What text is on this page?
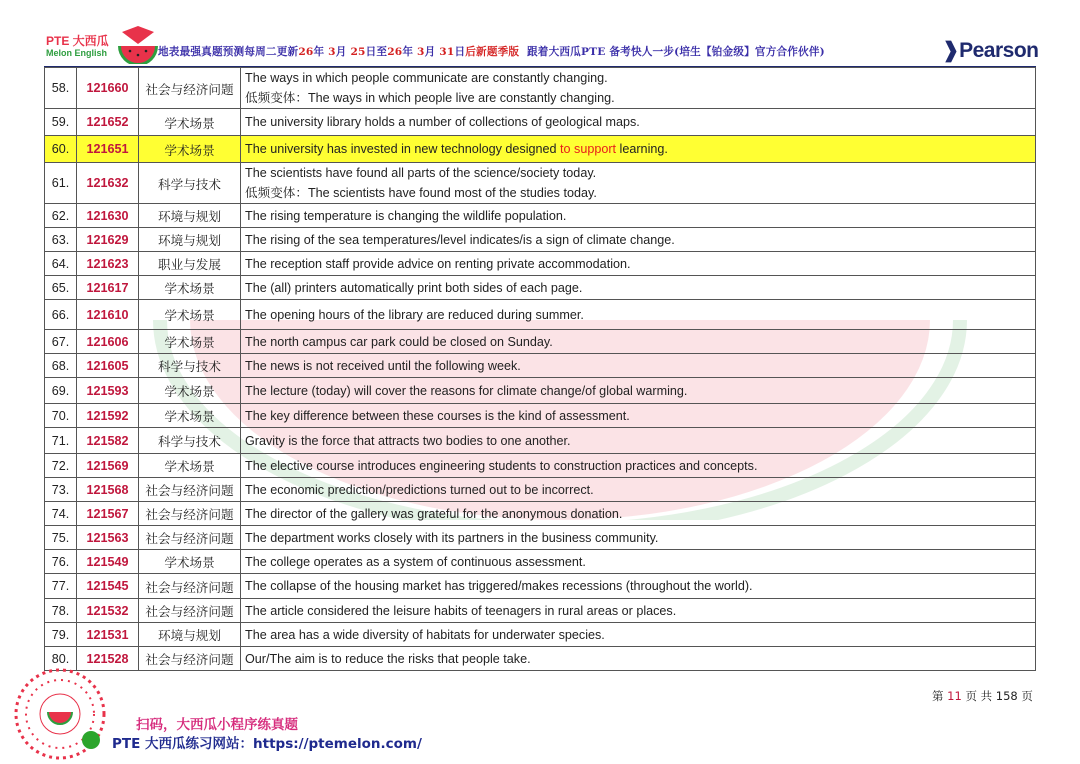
PTE 大西瓜
Melon English	地表最强真题预测每周二更新26年 3月 25日至26年 3月 31日后新题季版 跟着大西瓜PTE 备考快人一步(培生【铂金级】官方合作伙伴)	❱Pearson
58.	121660	社会与经济问题	The ways in which people communicate are constantly changing.
低频变体：The ways in which people live are constantly changing.

59.	121652	学术场景	The university library holds a number of collections of geological maps.

60.	121651	学术场景	The university has invested in new technology designed to support learning.
61.	121632	科学与技术	The scientists have found all parts of the science/society today.
低频变体：The scientists have found most of the studies today.

62.	121630	环境与规划	The rising temperature is changing the wildlife population.

63.	121629	环境与规划	The rising of the sea temperatures/level indicates/is a sign of climate change.

64.	121623	职业与发展	The reception staff provide advice on renting private accommodation.

65.	121617	学术场景	The (all) printers automatically print both sides of each page.

66.	121610	学术场景	The opening hours of the library are reduced during summer.

67.	121606	学术场景	The north campus car park could be closed on Sunday.

68.	121605	科学与技术	The news is not received until the following week.

69.	121593	学术场景	The lecture (today) will cover the reasons for climate change/of global warming.

70.	121592	学术场景	The key difference between these courses is the kind of assessment.

71.	121582	科学与技术	Gravity is the force that attracts two bodies to one another.

72.	121569	学术场景	The elective course introduces engineering students to construction practices and concepts.

73.	121568	社会与经济问题	The economic prediction/predictions turned out to be incorrect.

74.	121567	社会与经济问题	The director of the gallery was grateful for the anonymous donation.

75.	121563	社会与经济问题	The department works closely with its partners in the business community.

76.	121549	学术场景	The college operates as a system of continuous assessment.

77.	121545	社会与经济问题	The collapse of the housing market has triggered/makes recessions (throughout the world).

78.	121532	社会与经济问题	The article considered the leisure habits of teenagers in rural areas or places.

79.	121531	环境与规划	The area has a wide diversity of habitats for underwater species.

80.	121528	社会与经济问题	Our/The aim is to reduce the risks that people take.
第 11 页 共 158 页
扫码，大西瓜小程序练真题
PTE 大西瓜练习网站：https://ptemelon.com/
